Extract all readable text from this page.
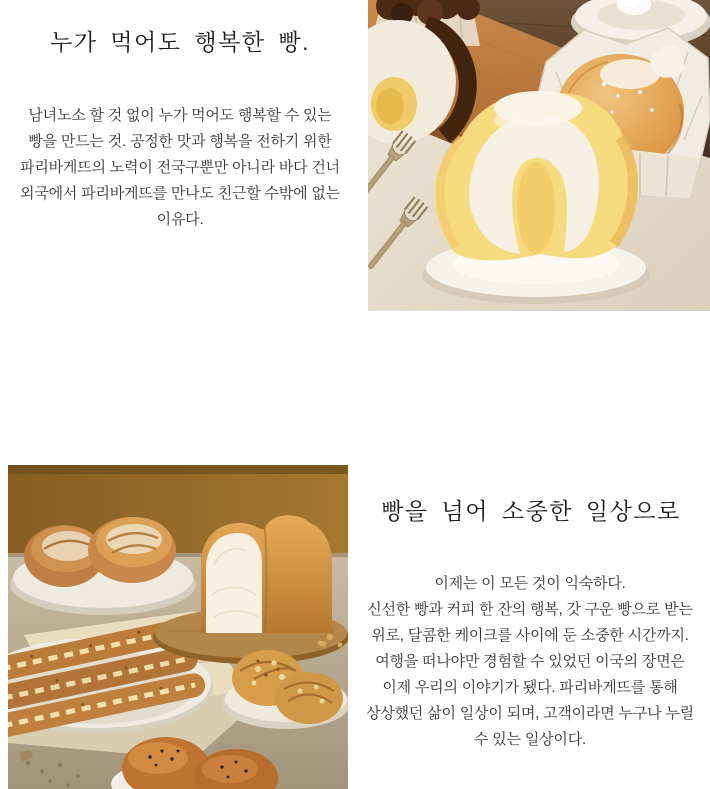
누가 먹어도 행복한 빵.
남녀노소 할 것 없이 누가 먹어도 행복할 수 있는
빵을 만드는 것. 공정한 맛과 행복을 전하기 위한
파리바게뜨의 노력이 전국구뿐만 아니라 바다 건너
외국에서 파리바게뜨를 만나도 친근할 수밖에 없는
이유다.
빵을 넘어 소중한 일상으로
이제는 이 모든 것이 익숙하다.
신선한 빵과 커피 한 잔의 행복, 갓 구운 빵으로 받는
위로, 달콤한 케이크를 사이에 둔 소중한 시간까지.
여행을 떠나야만 경험할 수 있었던 이국의 장면은
이제 우리의 이야기가 됐다. 파리바게뜨를 통해
상상했던 삶이 일상이 되며, 고객이라면 누구나 누릴
수 있는 일상이다.
